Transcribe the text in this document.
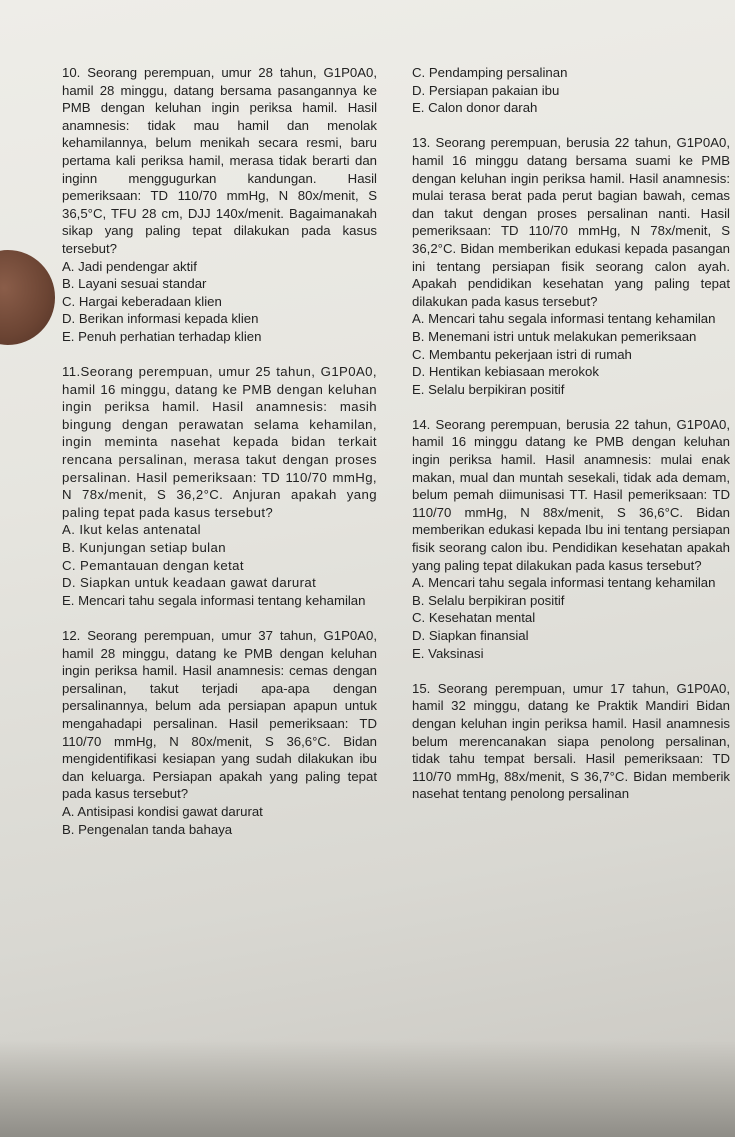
10. Seorang perempuan, umur 28 tahun, G1P0A0, hamil 28 minggu, datang bersama pasangannya ke PMB dengan keluhan ingin periksa hamil. Hasil anamnesis: tidak mau hamil dan menolak kehamilannya, belum menikah secara resmi, baru pertama kali periksa hamil, merasa tidak berarti dan inginn menggugurkan kandungan. Hasil pemeriksaan: TD 110/70 mmHg, N 80x/menit, S 36,5°C, TFU 28 cm, DJJ 140x/menit. Bagaimanakah sikap yang paling tepat dilakukan pada kasus tersebut?

A. Jadi pendengar aktif

B. Layani sesuai standar

C. Hargai keberadaan klien

D. Berikan informasi kepada klien

E. Penuh perhatian terhadap klien

11.Seorang perempuan, umur 25 tahun, G1P0A0, hamil 16 minggu, datang ke PMB dengan keluhan ingin periksa hamil. Hasil anamnesis: masih bingung dengan perawatan selama kehamilan, ingin meminta nasehat kepada bidan terkait rencana persalinan, merasa takut dengan proses persalinan. Hasil pemeriksaan: TD 110/70 mmHg, N 78x/menit, S 36,2°C. Anjuran apakah yang paling tepat pada kasus tersebut?

A. Ikut kelas antenatal

B. Kunjungan setiap bulan

C. Pemantauan dengan ketat

D. Siapkan untuk keadaan gawat darurat

E. Mencari tahu segala informasi tentang kehamilan

12. Seorang perempuan, umur 37 tahun, G1P0A0, hamil 28 minggu, datang ke PMB dengan keluhan ingin periksa hamil. Hasil anamnesis: cemas dengan persalinan, takut terjadi apa-apa dengan persalinannya, belum ada persiapan apapun untuk mengahadapi persalinan. Hasil pemeriksaan: TD 110/70 mmHg, N 80x/menit, S 36,6°C. Bidan mengidentifikasi kesiapan yang sudah dilakukan ibu dan keluarga. Persiapan apakah yang paling tepat pada kasus tersebut?

A. Antisipasi kondisi gawat darurat

B. Pengenalan tanda bahaya

C. Pendamping persalinan

D. Persiapan pakaian ibu

E. Calon donor darah

13. Seorang perempuan, berusia 22 tahun, G1P0A0, hamil 16 minggu datang bersama suami ke PMB dengan keluhan ingin periksa hamil. Hasil anamnesis: mulai terasa berat pada perut bagian bawah, cemas dan takut dengan proses persalinan nanti. Hasil pemeriksaan: TD 110/70 mmHg, N 78x/menit, S 36,2°C. Bidan memberikan edukasi kepada pasangan ini tentang persiapan fisik seorang calon ayah. Apakah pendidikan kesehatan yang paling tepat dilakukan pada kasus tersebut?

A. Mencari tahu segala informasi tentang kehamilan

B. Menemani istri untuk melakukan pemeriksaan

C. Membantu pekerjaan istri di rumah

D. Hentikan kebiasaan merokok

E. Selalu berpikiran positif

14. Seorang perempuan, berusia 22 tahun, G1P0A0, hamil 16 minggu datang ke PMB dengan keluhan ingin periksa hamil. Hasil anamnesis: mulai enak makan, mual dan muntah sesekali, tidak ada demam, belum pemah diimunisasi TT. Hasil pemeriksaan: TD 110/70 mmHg, N 88x/menit, S 36,6°C. Bidan memberikan edukasi kepada Ibu ini tentang persiapan fisik seorang calon ibu. Pendidikan kesehatan apakah yang paling tepat dilakukan pada kasus tersebut?

A. Mencari tahu segala informasi tentang kehamilan

B. Selalu berpikiran positif

C. Kesehatan mental

D. Siapkan finansial

E. Vaksinasi

15. Seorang perempuan, umur 17 tahun, G1P0A0, hamil 32 minggu, datang ke Praktik Mandiri Bidan dengan keluhan ingin periksa hamil. Hasil anamnesis belum merencanakan siapa penolong persalinan, tidak tahu tempat bersali. Hasil pemeriksaan: TD 110/70 mmHg, 88x/menit, S 36,7°C. Bidan memberik nasehat tentang penolong persalinan
